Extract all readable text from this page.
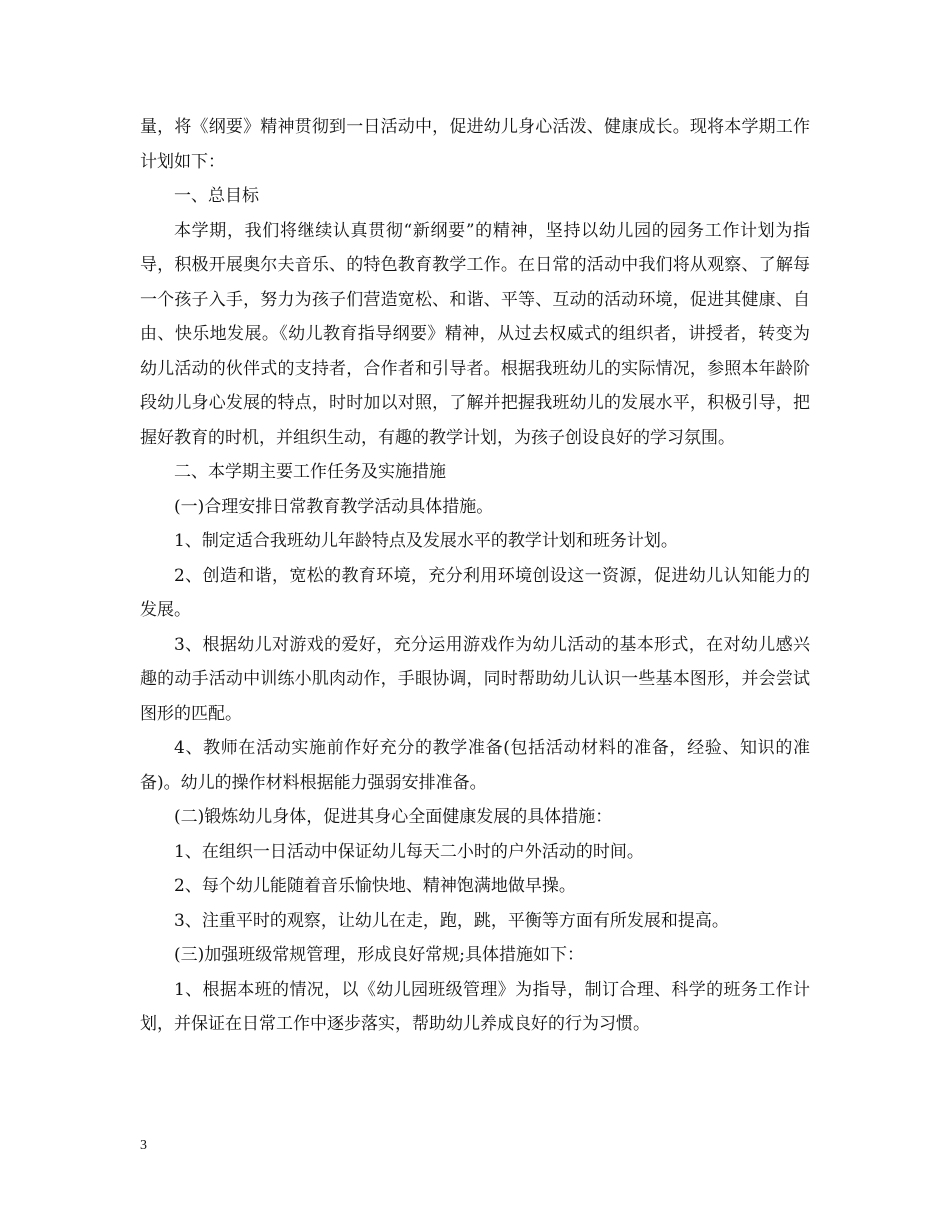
量，将《纲要》精神贯彻到一日活动中，促进幼儿身心活泼、健康成长。现将本学期工作计划如下：

一、总目标

本学期，我们将继续认真贯彻“新纲要”的精神，坚持以幼儿园的园务工作计划为指导，积极开展奥尔夫音乐、的特色教育教学工作。在日常的活动中我们将从观察、了解每一个孩子入手，努力为孩子们营造宽松、和谐、平等、互动的活动环境，促进其健康、自由、快乐地发展。《幼儿教育指导纲要》精神，从过去权威式的组织者，讲授者，转变为幼儿活动的伙伴式的支持者，合作者和引导者。根据我班幼儿的实际情况，参照本年龄阶段幼儿身心发展的特点，时时加以对照，了解并把握我班幼儿的发展水平，积极引导，把握好教育的时机，并组织生动，有趣的教学计划，为孩子创设良好的学习氛围。

二、本学期主要工作任务及实施措施

(一)合理安排日常教育教学活动具体措施。

1、制定适合我班幼儿年龄特点及发展水平的教学计划和班务计划。

2、创造和谐，宽松的教育环境，充分利用环境创设这一资源，促进幼儿认知能力的发展。

3、根据幼儿对游戏的爱好，充分运用游戏作为幼儿活动的基本形式，在对幼儿感兴趣的动手活动中训练小肌肉动作，手眼协调，同时帮助幼儿认识一些基本图形，并会尝试图形的匹配。

4、教师在活动实施前作好充分的教学准备(包括活动材料的准备，经验、知识的准备)。幼儿的操作材料根据能力强弱安排准备。

(二)锻炼幼儿身体，促进其身心全面健康发展的具体措施：

1、在组织一日活动中保证幼儿每天二小时的户外活动的时间。

2、每个幼儿能随着音乐愉快地、精神饱满地做早操。

3、注重平时的观察，让幼儿在走，跑，跳，平衡等方面有所发展和提高。

(三)加强班级常规管理，形成良好常规;具体措施如下：

1、根据本班的情况，以《幼儿园班级管理》为指导，制订合理、科学的班务工作计划，并保证在日常工作中逐步落实，帮助幼儿养成良好的行为习惯。

3
